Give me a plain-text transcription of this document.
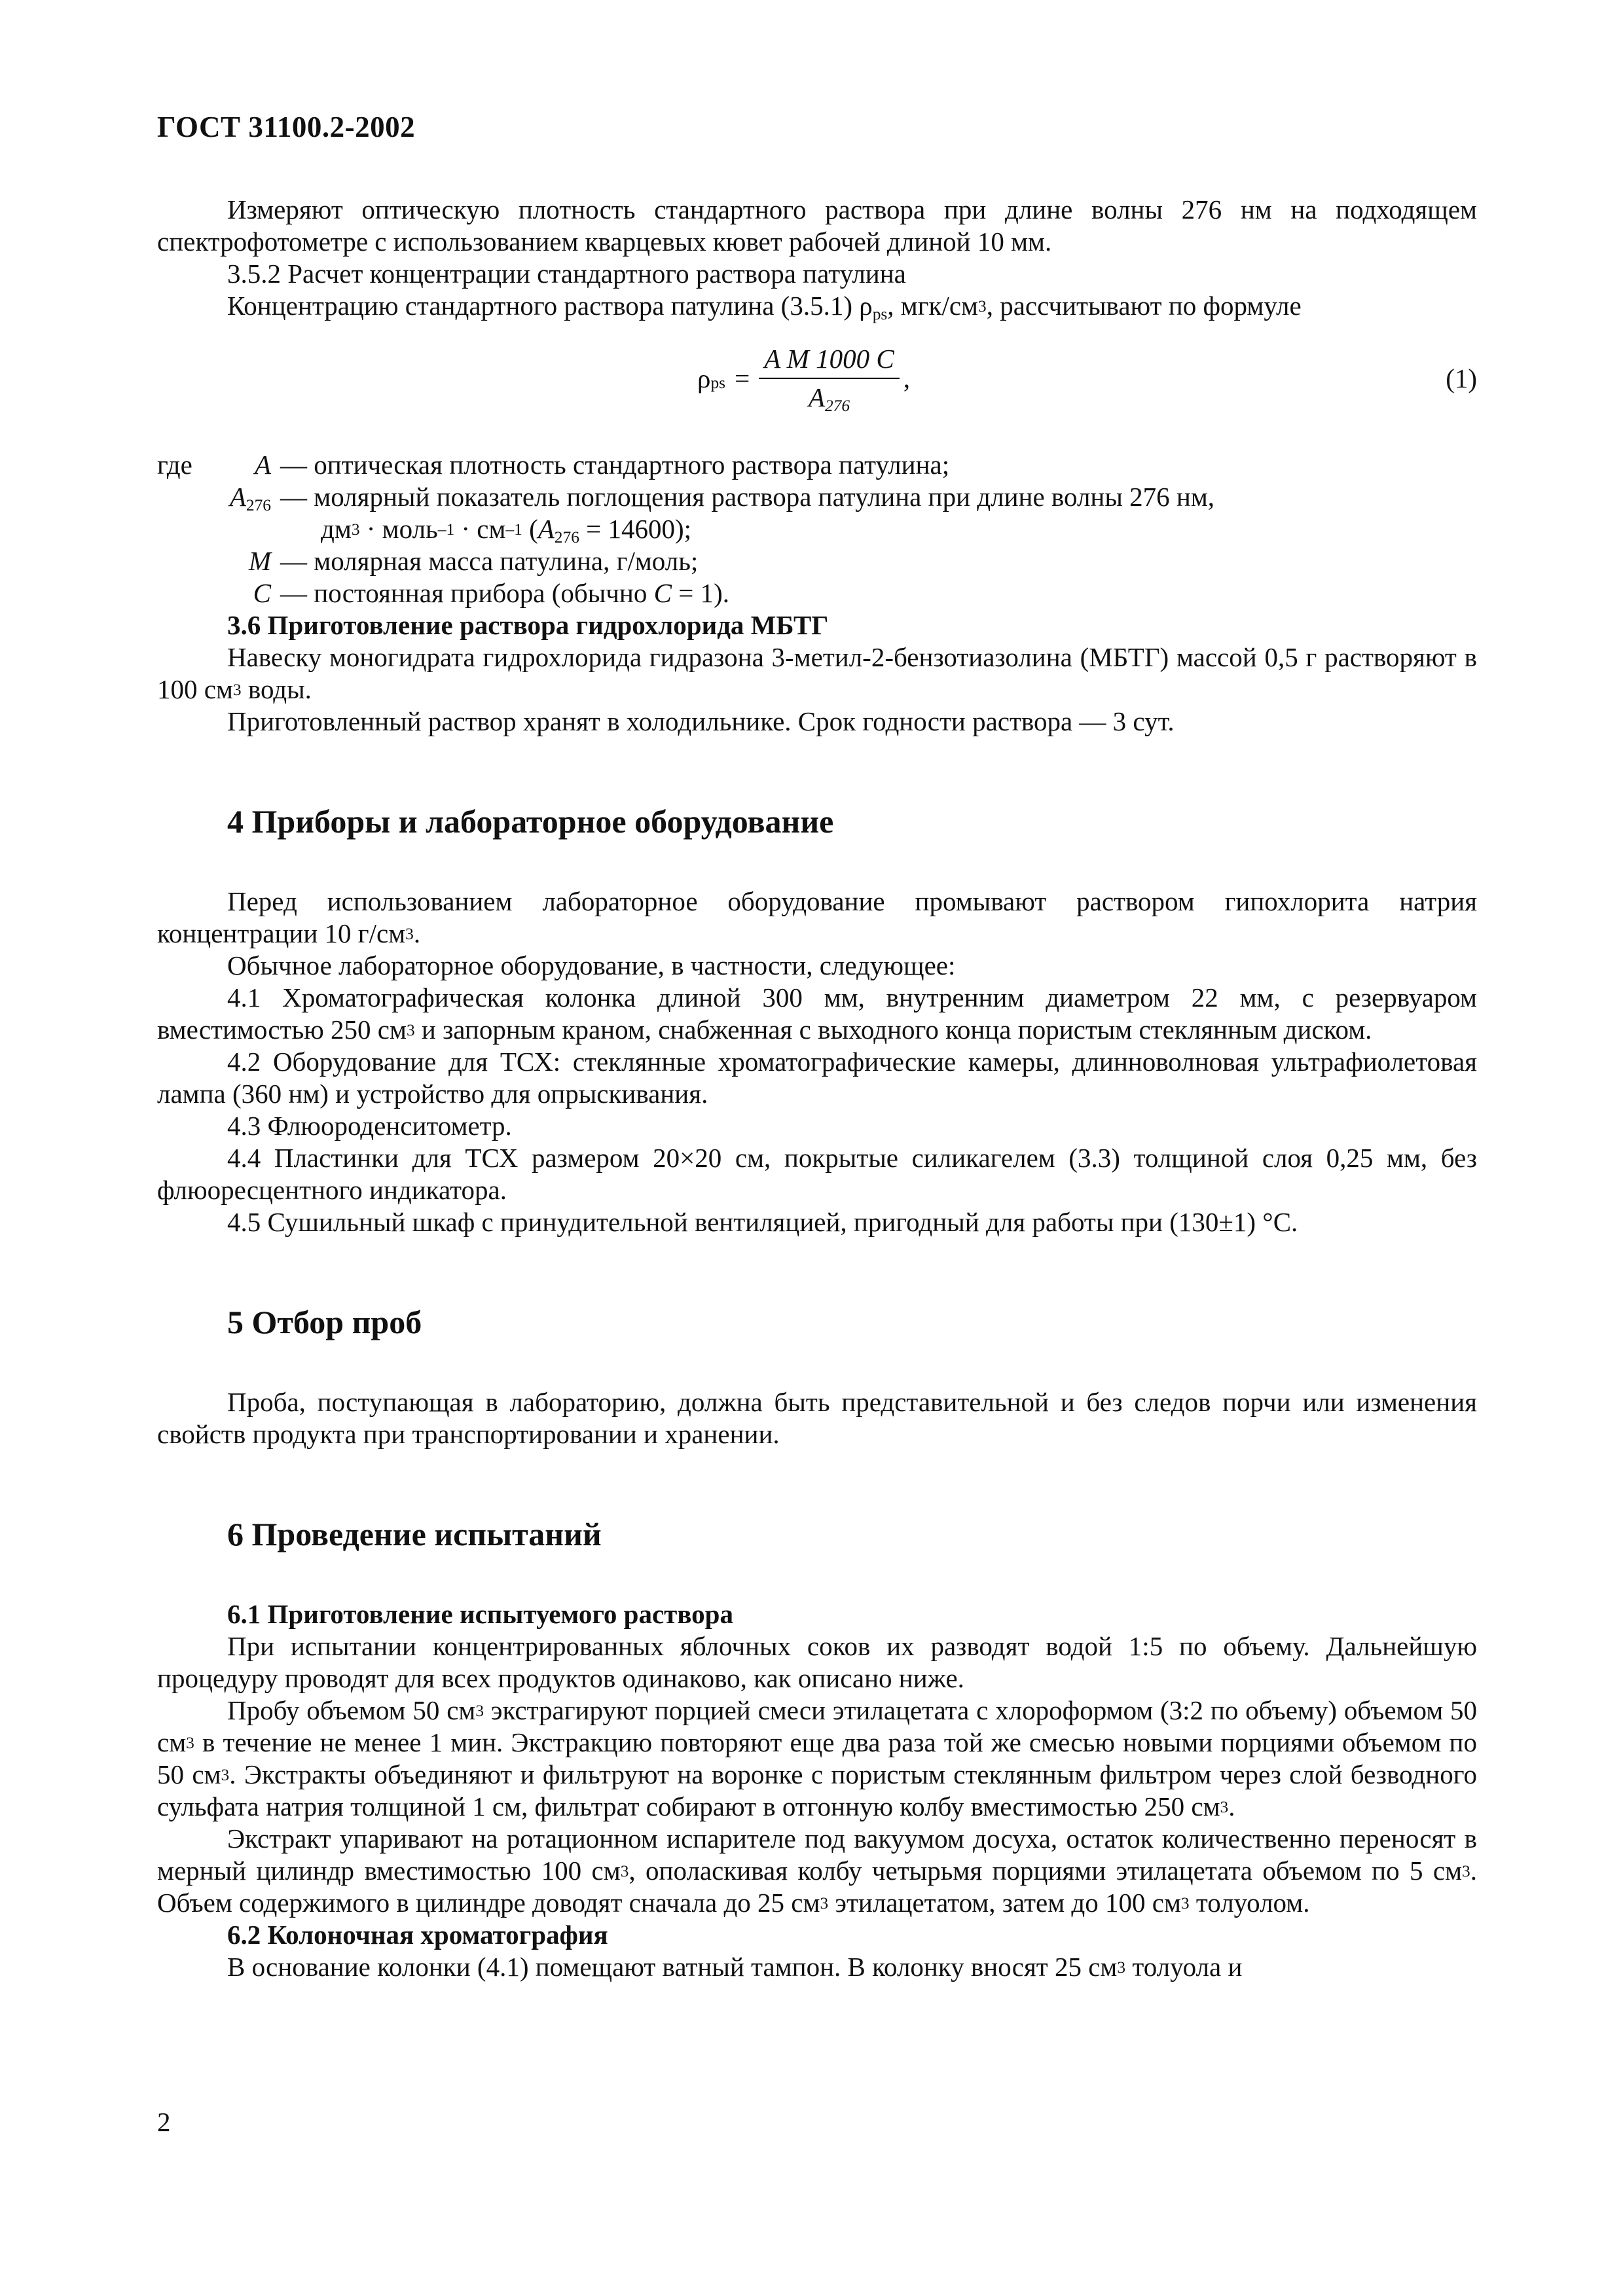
ГОСТ 31100.2-2002

Измеряют оптическую плотность стандартного раствора при длине волны 276 нм на подходящем спектрофотометре с использованием кварцевых кювет рабочей длиной 10 мм.

3.5.2 Расчет концентрации стандартного раствора патулина

Концентрацию стандартного раствора патулина (3.5.1) $\rho_{ps}$, мгк/$см^3$, рассчитывают по формуле

$\rho_{ps} = \frac{\text{A M 1000 C}}{A_{276}}$ ,	(1)
где A — оптическая плотность стандартного раствора патулина;
$A_{276}$ — молярный показатель поглощения раствора патулина при длине волны 276 нм,
$дм^3$ · моль$^{-1}$ · $см^{-1}$ $(A_{276} = 14600)$;
M — молярная масса патулина, г/моль;
C — постоянная прибора (обычно C = 1).

3.6 Приготовление раствора гидрохлорида МБТГ

Навеску моногидрата гидрохлорида гидразона 3-метил-2-бензотиазолина (МБТГ) массой 0,5 г растворяют в 100 $см^3$ воды.

Приготовленный раствор хранят в холодильнике. Срок годности раствора — 3 сут.

4 Приборы и лабораторное оборудование

Перед использованием лабораторное оборудование промывают раствором гипохлорита натрия концентрации 10 $г/см^3$.

Обычное лабораторное оборудование, в частности, следующее:

4.1 Хроматографическая колонка длиной 300 мм, внутренним диаметром 22 мм, с резервуаром вместимостью 250 $см^3$ и запорным краном, снабженная с выходного конца пористым стеклянным диском.

4.2 Оборудование для ТСХ: стеклянные хроматографические камеры, длинноволновая ультрафиолетовая лампа (360 нм) и устройство для опрыскивания.

4.3 Флюороденситометр.

4.4 Пластинки для ТСХ размером 20×20 см, покрытые силикагелем (3.3) толщиной слоя 0,25 мм, без флюоресцентного индикатора.

4.5 Сушильный шкаф с принудительной вентиляцией, пригодный для работы при (130±1) °С.

5 Отбор проб

Проба, поступающая в лабораторию, должна быть представительной и без следов порчи или изменения свойств продукта при транспортировании и хранении.

6 Проведение испытаний

6.1 Приготовление испытуемого раствора

При испытании концентрированных яблочных соков их разводят водой 1:5 по объему. Дальнейшую процедуру проводят для всех продуктов одинаково, как описано ниже.

Пробу объемом 50 $см^3$ экстрагируют порцией смеси этилацетата с хлороформом (3:2 по объему) объемом 50 $см^3$ в течение не менее 1 мин. Экстракцию повторяют еще два раза той же смесью новыми порциями объемом по 50 $см^3$. Экстракты объединяют и фильтруют на воронке с пористым стеклянным фильтром через слой безводного сульфата натрия толщиной 1 см, фильтрат собирают в отгонную колбу вместимостью 250 $см^3$.

Экстракт упаривают на ротационном испарителе под вакуумом досуха, остаток количественно переносят в мерный цилиндр вместимостью 100 $см^3$, ополаскивая колбу четырьмя порциями этилацетата объемом по 5 $см^3$. Объем содержимого в цилиндре доводят сначала до 25 $см^3$ этилацетатом, затем до 100 $см^3$ толуолом.

6.2 Колоночная хроматография

В основание колонки (4.1) помещают ватный тампон. В колонку вносят 25 $см^3$ толуола и

2
